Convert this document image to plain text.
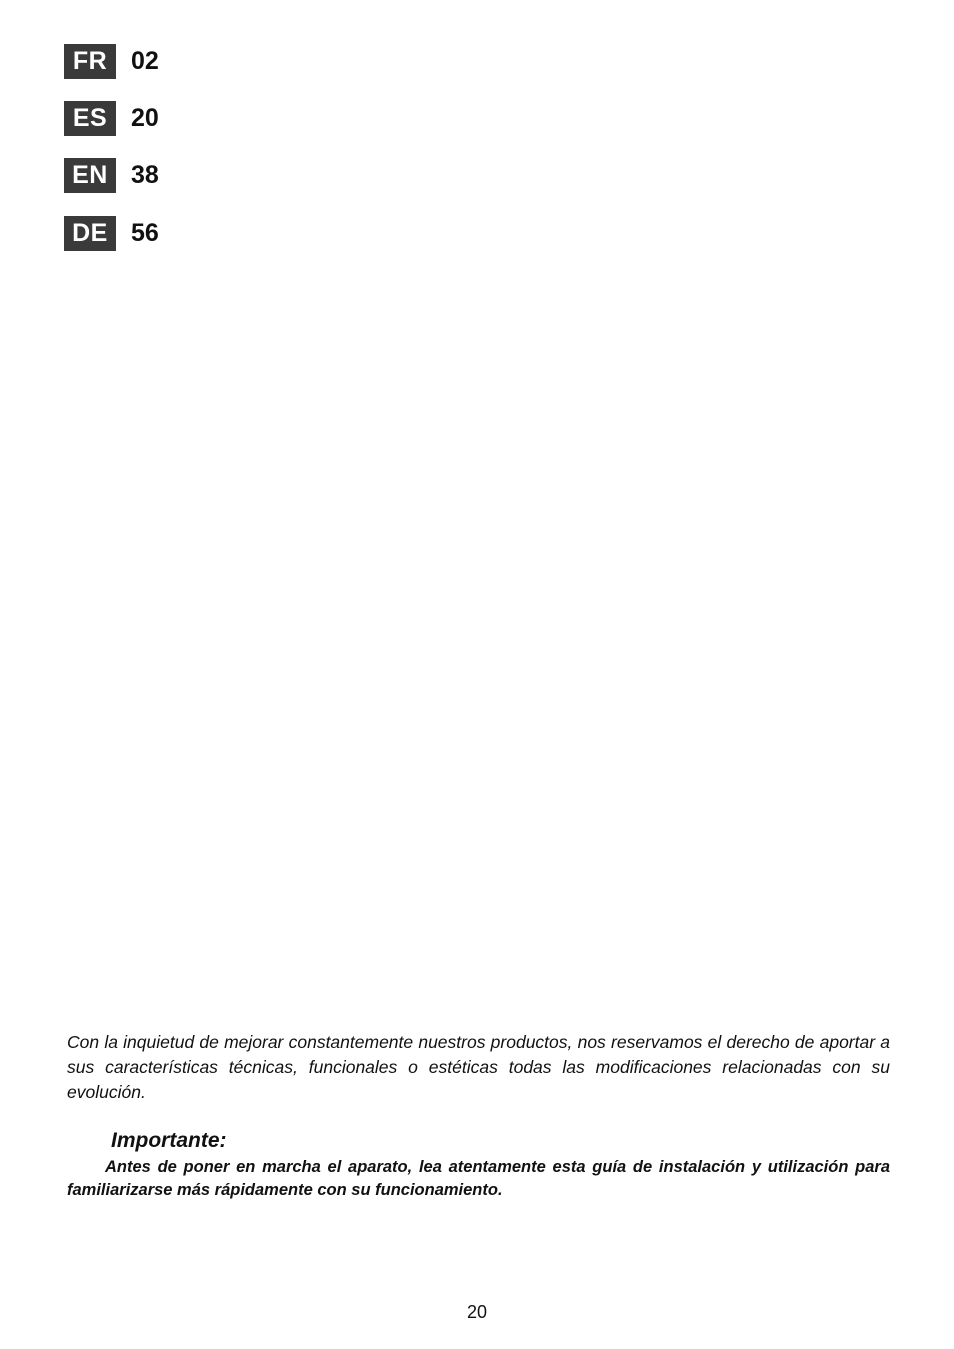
FR 02
ES 20
EN 38
DE 56

Con la inquietud de mejorar constantemente nuestros productos, nos reservamos el derecho de aportar a sus características técnicas, funcionales o estéticas todas las modificaciones relacionadas con su evolución.

Importante:

Antes de poner en marcha el aparato, lea atentamente esta guía de instalación y utilización para familiarizarse más rápidamente con su funcionamiento.

20
